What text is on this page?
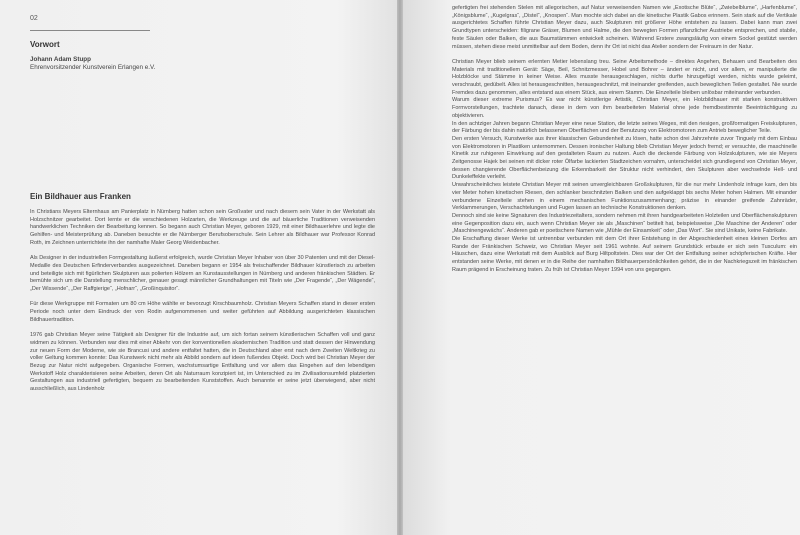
02
Vorwort
Johann Adam Stupp
Ehrenvorsitzender Kunstverein Erlangen e.V.
Ein Bildhauer aus Franken

In Christians Meyers Elternhaus am Panierplatz in Nürnberg hatten schon sein Großvater und nach diesem sein Vater in der Werkstatt als Holzschnitzer gearbeitet. Dort lernte er die verschiedenen Holzarten, die Werkzeuge und die auf bäuerliche Traditionen verweisenden handwerklichen Techniken der Bearbeitung kennen. So begann auch Christian Meyer, geboren 1929, mit einer Bildhauerlehre und legte die Gehilfen- und Meisterprüfung ab. Daneben besuchte er die Nürnberger Berufsoberschule. Sein Lehrer als Bildhauer war Professor Konrad Roth, im Zeichnen unterrichtete ihn der namhafte Maler Georg Weidenbacher.

Als Designer in der industriellen Formgestaltung äußerst erfolgreich, wurde Christian Meyer Inhaber von über 30 Patenten und mit der Diesel-Medaille des Deutschen Erfinderverbandes ausgezeichnet. Daneben begann er 1954 als freischaffender Bildhauer künstlerisch zu arbeiten und beteiligte sich mit figürlichen Skulpturen aus polierten Hölzern an Kunstausstellungen in Nürnberg und anderen fränkischen Städten. Er bemühte sich um die Darstellung menschlicher, genauer gesagt männlicher Grundhaltungen mit Titeln wie „Der Fragende“, „Der Wägende“, „Der Wissende“, „Der Raffgierige“, „Hofnarr“, „Großinquisitor“.

Für diese Werkgruppe mit Formaten um 80 cm Höhe wählte er bevorzugt Kirschbaumholz. Christian Meyers Schaffen stand in dieser ersten Periode noch unter dem Eindruck der von Rodin aufgenommenen und weiter geführten auf Abbildung ausgerichteten klassischen Bildhauertradition.

1976 gab Christian Meyer seine Tätigkeit als Designer für die Industrie auf, um sich fortan seinem künstlerischen Schaffen voll und ganz widmen zu können. Verbunden war dies mit einer Abkehr von der konventionellen akademischen Tradition und statt dessen der Hinwendung zur neuen Form der Moderne, wie sie Brancusi und andere entfaltet hatten, die in Deutschland aber erst nach dem Zweiten Weltkrieg zu voller Geltung kommen konnte: Das Kunstwerk nicht mehr als Abbild sondern auf ideen fußendes Objekt. Doch wird bei Christian Meyer der Bezug zur Natur nicht aufgegeben. Organische Formen, wachstumsartige Entfaltung und vor allem das Eingehen auf den lebendigen Werkstoff Holz charakterisieren seine Arbeiten, deren Ort als Naturraum konzipiert ist, im Unterschied zu im Zivilisationsumfeld platzierten Gestaltungen aus industriell gefertigten, bequem zu bearbeitenden Kunststoffen. Auch benannte er seine jetzt überwiegend, aber nicht ausschließlich, aus Lindenholz

gefertigten frei stehenden Stelen mit allegorischen, auf Natur verweisenden Namen wie „Exotische Blüte“, „Zwiebelblume“, „Harfenblume“, „Königsblume“, „Kugelgras“, „Distel“, „Knospen“. Man mochte sich dabei an die kinetische Plastik Gabos erinnern. Sein stark auf die Vertikale ausgerichtetes Schaffen führte Christian Meyer dazu, auch Skulpturen mit größerer Höhe entstehen zu lassen. Dabei kann man zwei Grundtypen unterscheiden: filigrane Gräser, Blumen und Halme, die den bewegten Formen pflanzlicher Austriebe entsprechen, und stabile, feste Säulen oder Balken, die aus Baumstämmen entwickelt scheinen. Während Erstere zwangsläufig von einem Sockel gestützt werden müssen, stehen diese meist unmittelbar auf dem Boden, denn ihr Ort ist nicht das Atelier sondern der Freiraum in der Natur.

Christian Meyer blieb seinem erlernten Metier lebenslang treu. Seine Arbeitsmethode – direktes Angehen, Behauen und Bearbeiten des Materials mit traditionellem Gerät: Säge, Beil, Schnitzmesser, Hobel und Bohrer – ändert er nicht, und vor allem, er manipulierte die Holzblöcke und Stämme in keiner Weise. Alles musste herausgeschlagen, nichts durfte hinzugefügt werden, nichts wurde geleimt, verschraubt, gedübelt. Alles ist herausgeschnitten, herausgeschnitzt, mit ineinander greifenden, auch beweglichen Teilen gestaltet. Nie wurde Fremdes dazu genommen, alles entstand aus einem Stück, aus einem Stamm. Die Einzelteile bleiben unlösbar miteinander verbunden.
Warum dieser extreme Purismus? Es war nicht künstlerige Artistik, Christian Meyer, ein Holzbildhauer mit starken konstruktiven Formvorstellungen, trachtete danach, diese in dem von ihm bearbeiteten Material ohne jede fremdbestimmte Beeinträchtigung zu objektivieren.
In den achtziger Jahren begann Christian Meyer eine neue Station, die letzte seines Weges, mit den riesigen, großformatigen Freiskulpturen, der Färbung der bis dahin natürlich belassenen Oberflächen und der Benutzung von Elektromotoren zum Antrieb beweglicher Teile.
Den ersten Versuch, Kunstwerke aus ihrer klassischen Gebundenheit zu lösen, hatte schon drei Jahrzehnte zuvor Tinguely mit dem Einbau von Elektromotoren in Plastiken unternommen. Dessen ironischer Haltung blieb Christian Meyer jedoch fremd; er versuchte, die maschinelle Kinetik zur ruhigeren Einwirkung auf den gestalteten Raum zu nutzen. Auch die deckende Färbung von Holzskulpturen, wie sie Meyers Zeitgenosse Hajek bei seinen mit dicker roter Ölfarbe lackierten Stadtzeichen vornahm, unterscheidet sich grundlegend von Christian Meyer, dessen changierende Oberflächenbeizung die Erkennbarkeit der Struktur nicht verhindert, den Skulpturen aber wechselnde Hell- und Dunkeleffekte verleiht.
Unwahrscheinliches leistete Christian Meyer mit seinen unvergleichbaren Großskulpturen, für die nur mehr Lindenholz infrage kam, den bis vier Meter hohen kinetischen Riesen, den schlanker beschnitzten Balken und den aufgeklappt bis sechs Meter hohen Halmen. Mit einander verbundene Einzelteile stehen in einem mechanischen Funktionszusammenhang; präzise in einander greifende Zahnräder, Verklammerungen, Verschachtelungen und Fugen lassen an technische Konstruktionen denken.
Dennoch sind sie keine Signaturen des Industriezeitalters, sondern nehmen mit ihren handgearbeiteten Holzteilen und Oberflächenskulpturen eine Gegenposition dazu ein, auch wenn Christian Meyer sie als „Maschinen“ betitelt hat, beispielsweise „Die Maschine der Anderen“ oder „Maschinengewächs“. Anderen gab er poetischere Namen wie „Mühle der Einsamkeit“ oder „Das Wort“. Sie sind Unikate, keine Fabrikate.
Die Erschaffung dieser Werke ist untrennbar verbunden mit dem Ort ihrer Entstehung in der Abgeschiedenheit eines kleinen Dorfes am Rande der Fränkischen Schweiz, wo Christian Meyer seit 1961 wohnte. Auf seinem Grundstück erbaute er sich sein Tusculum: ein Häuschen, dazu eine Werkstatt mit dem Ausblick auf Burg Hiltpoltstein. Dies war der Ort der Entfaltung seiner schöpferischen Kräfte. Hier entstanden seine Werke, mit denen er in die Reihe der namhaften Bildhauerpersönlichkeiten gehört, die in der Nachkriegszeit im fränkischen Raum prägend in Erscheinung traten. Zu früh ist Christian Meyer 1994 von uns gegangen.
